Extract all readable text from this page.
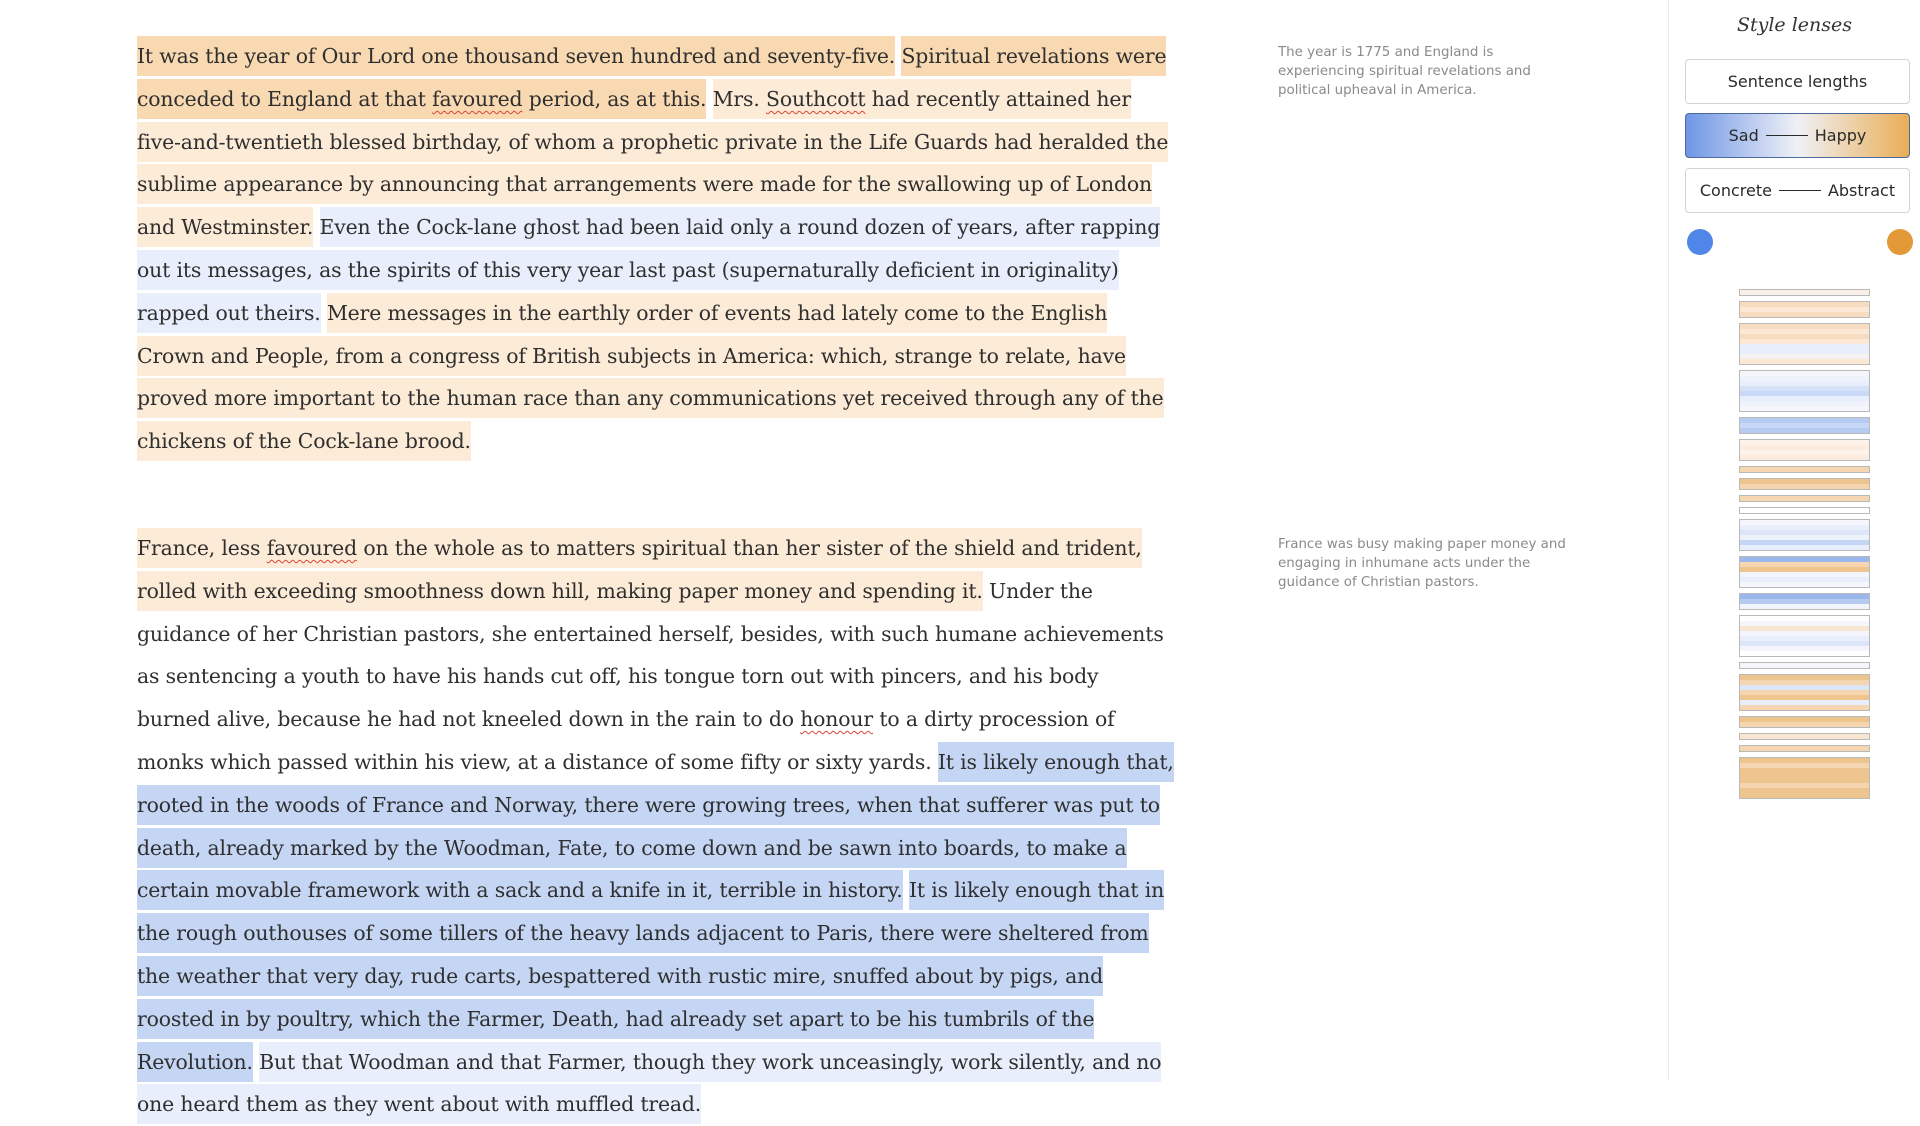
It was the year of Our Lord one thousand seven hundred and seventy-five. Spiritual revelations were conceded to England at that favoured period, as at this. Mrs. Southcott had recently attained her five-and-twentieth blessed birthday, of whom a prophetic private in the Life Guards had heralded the sublime appearance by announcing that arrangements were made for the swallowing up of London and Westminster. Even the Cock-lane ghost had been laid only a round dozen of years, after rapping out its messages, as the spirits of this very year last past (supernaturally deficient in originality) rapped out theirs. Mere messages in the earthly order of events had lately come to the English Crown and People, from a congress of British subjects in America: which, strange to relate, have proved more important to the human race than any communications yet received through any of the chickens of the Cock-lane brood.

France, less favoured on the whole as to matters spiritual than her sister of the shield and trident, rolled with exceeding smoothness down hill, making paper money and spending it. Under the guidance of her Christian pastors, she entertained herself, besides, with such humane achievements as sentencing a youth to have his hands cut off, his tongue torn out with pincers, and his body burned alive, because he had not kneeled down in the rain to do honour to a dirty procession of monks which passed within his view, at a distance of some fifty or sixty yards. It is likely enough that, rooted in the woods of France and Norway, there were growing trees, when that sufferer was put to death, already marked by the Woodman, Fate, to come down and be sawn into boards, to make a certain movable framework with a sack and a knife in it, terrible in history. It is likely enough that in the rough outhouses of some tillers of the heavy lands adjacent to Paris, there were sheltered from the weather that very day, rude carts, bespattered with rustic mire, snuffed about by pigs, and roosted in by poultry, which the Farmer, Death, had already set apart to be his tumbrils of the Revolution. But that Woodman and that Farmer, though they work unceasingly, work silently, and no one heard them as they went about with muffled tread.

The year is 1775 and England is experiencing spiritual revelations and political upheaval in America.
France was busy making paper money and engaging in inhumane acts under the guidance of Christian pastors.
Style lenses
Sentence lengths
Sad	Happy
Concrete	Abstract
